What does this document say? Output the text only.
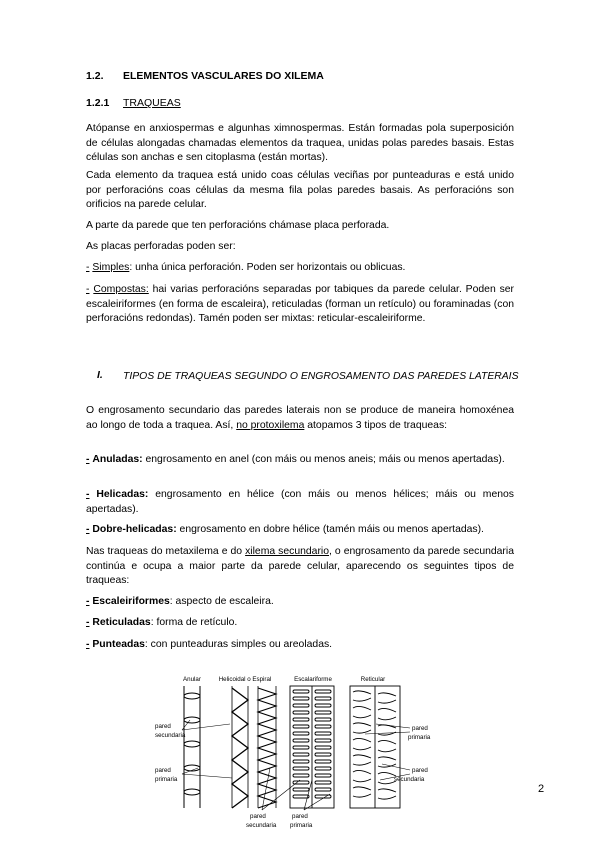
1.2. ELEMENTOS VASCULARES DO XILEMA
1.2.1 TRAQUEAS
Atópanse en anxiospermas e algunhas ximnospermas. Están formadas pola superposición de células alongadas chamadas elementos da traquea, unidas polas paredes basais. Estas células son anchas e sen citoplasma (están mortas).
Cada elemento da traquea está unido coas células veciñas por punteaduras e está unido por perforacións coas células da mesma fila polas paredes basais. As perforacións son orificios na parede celular.
A parte da parede que ten perforacións chámase placa perforada.
As placas perforadas poden ser:
- Simples: unha única perforación. Poden ser horizontais ou oblicuas.
- Compostas: hai varias perforacións separadas por tabiques da parede celular. Poden ser escaleiriformes (en forma de escaleira), reticuladas (forman un retículo) ou foraminadas (con perforacións redondas). Tamén poden ser mixtas: reticular-escaleiriforme.
I. TIPOS DE TRAQUEAS SEGUNDO O ENGROSAMENTO DAS PAREDES LATERAIS
O engrosamento secundario das paredes laterais non se produce de maneira homoxénea ao longo de toda a traquea. Así, no protoxilema atopamos 3 tipos de traqueas:
- Anuladas: engrosamento en anel (con máis ou menos aneis; máis ou menos apertadas).
- Helicadas: engrosamento en hélice (con máis ou menos hélices; máis ou menos apertadas).
- Dobre-helicadas: engrosamento en dobre hélice (tamén máis ou menos apertadas).
Nas traqueas do metaxilema e do xilema secundario, o engrosamento da parede secundaria continúa e ocupa a maior parte da parede celular, aparecendo os seguintes tipos de traqueas:
- Escaleiriformes: aspecto de escaleira.
- Reticuladas: forma de retículo.
- Punteadas: con punteaduras simples ou areoladas.
Anular	Helicoidal o Espiral	Escalariforme	Reticular
pared
secundaria
pared
primaria
pared
primaria
pared
secundaria
pared
secundaria
pared
primaria
2
